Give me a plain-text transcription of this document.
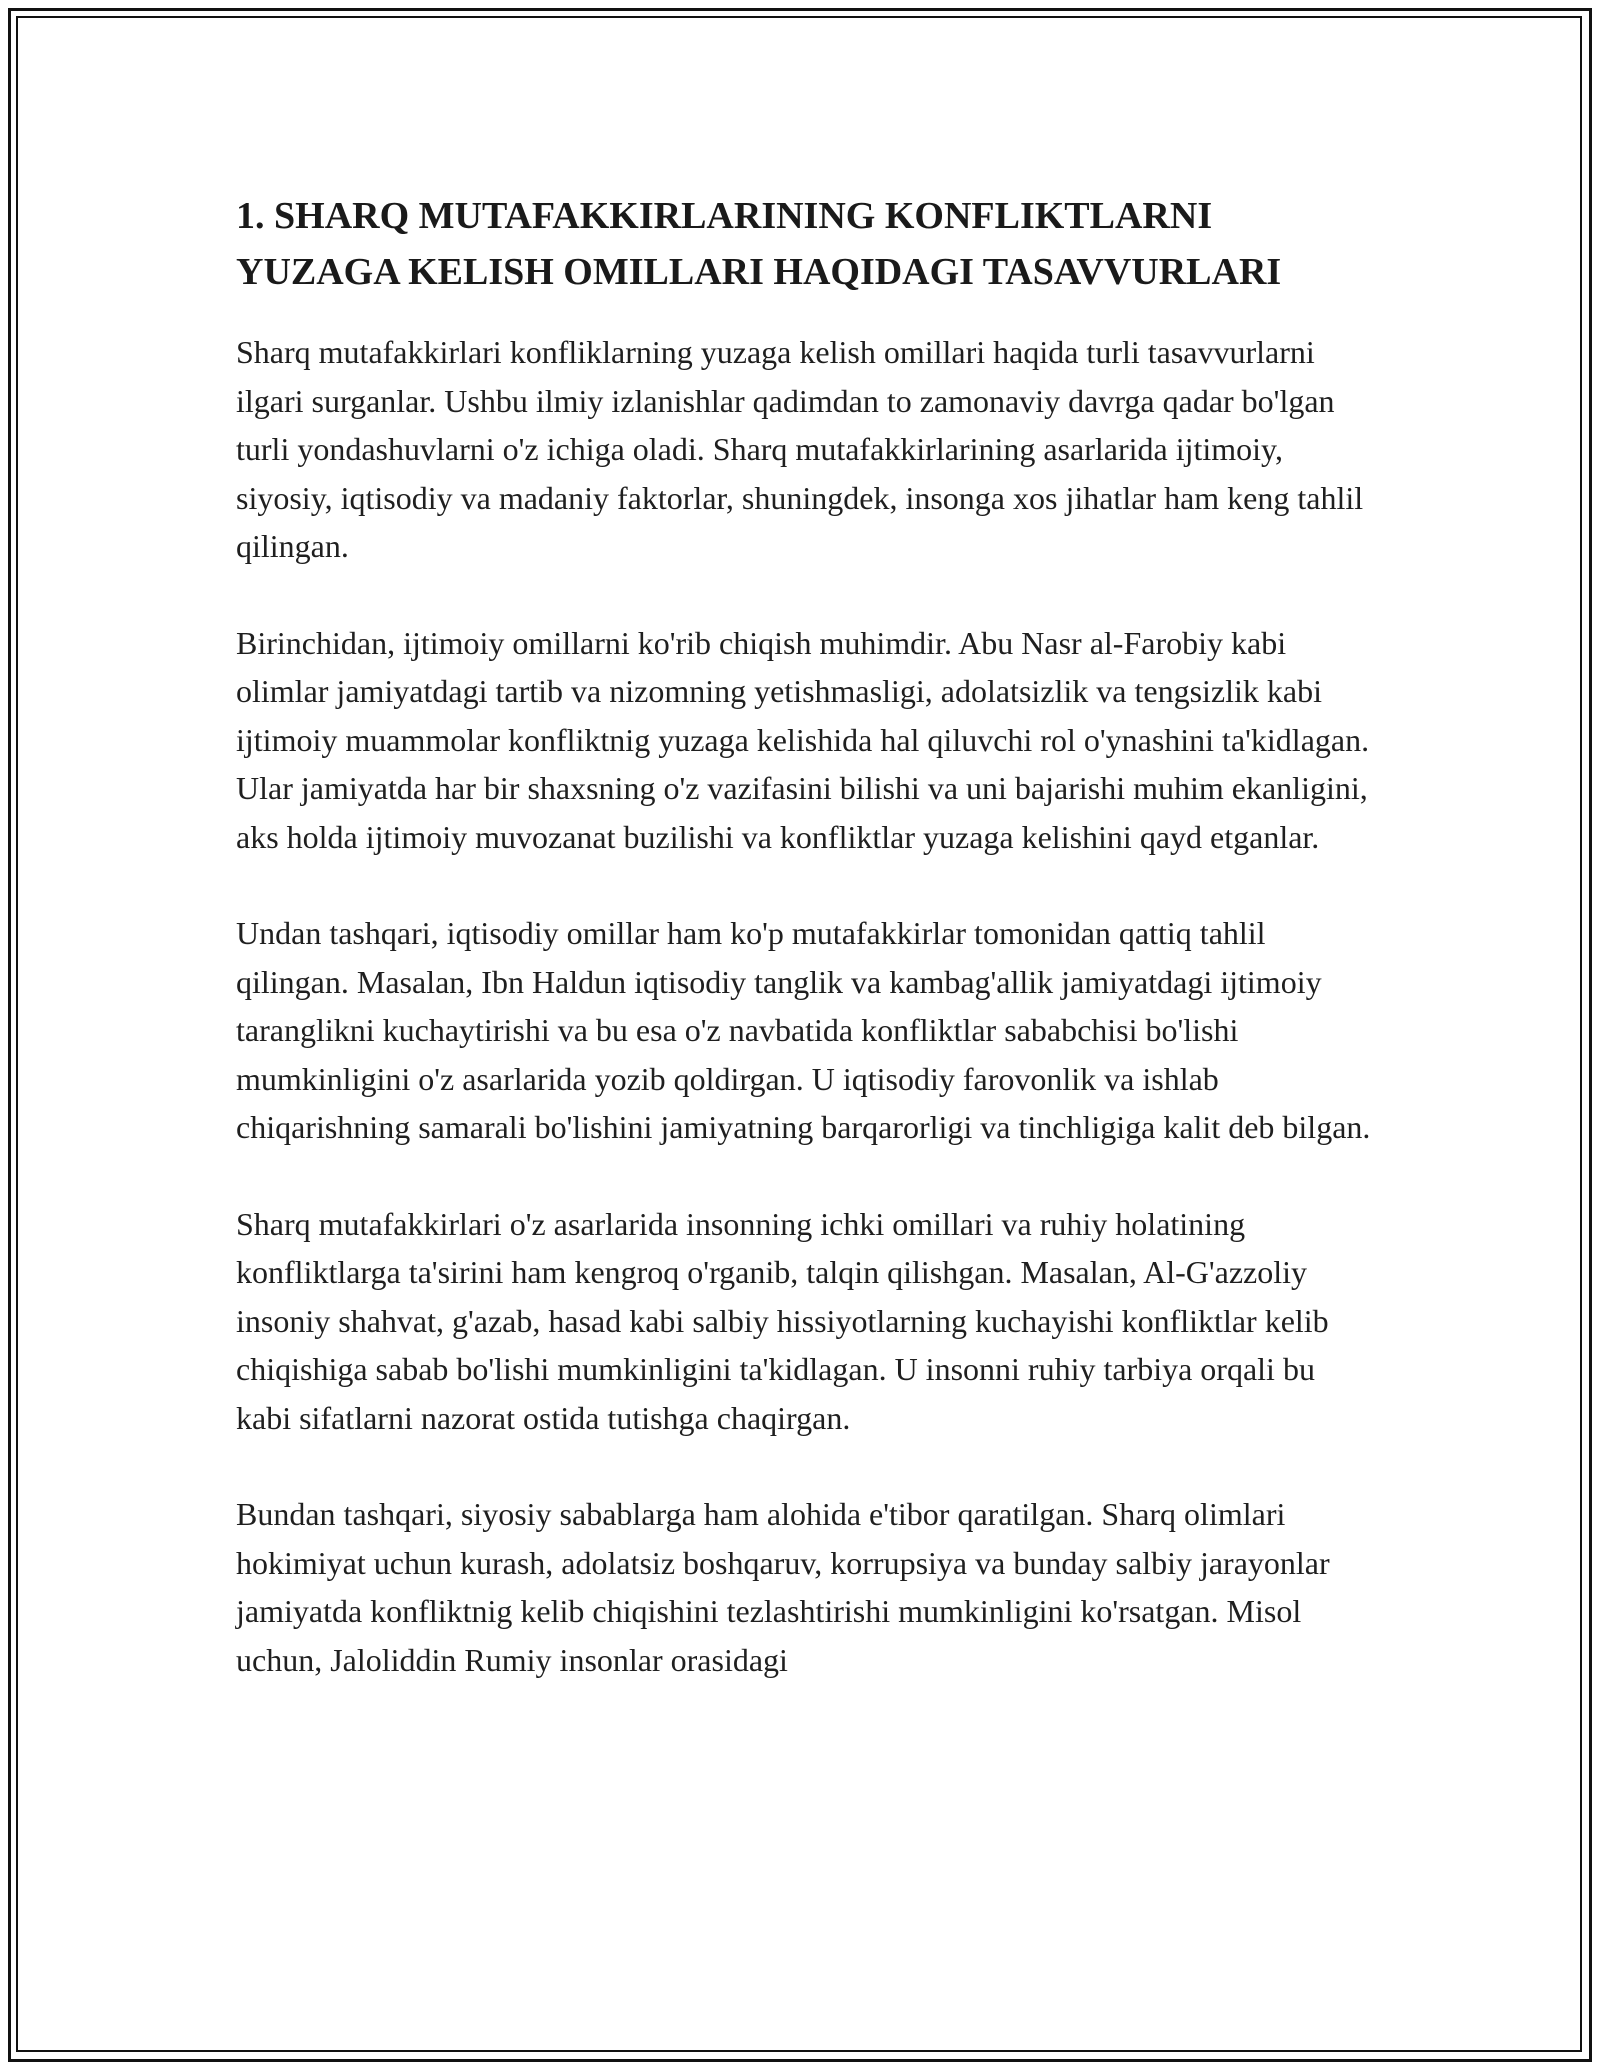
1. SHARQ MUTAFAKKIRLARINING KONFLIKTLARNI YUZAGA KELISH OMILLARI HAQIDAGI TASAVVURLARI

Sharq mutafakkirlari konfliklarning yuzaga kelish omillari haqida turli tasavvurlarni ilgari surganlar. Ushbu ilmiy izlanishlar qadimdan to zamonaviy davrga qadar bo'lgan turli yondashuvlarni o'z ichiga oladi. Sharq mutafakkirlarining asarlarida ijtimoiy, siyosiy, iqtisodiy va madaniy faktorlar, shuningdek, insonga xos jihatlar ham keng tahlil qilingan.

Birinchidan, ijtimoiy omillarni ko'rib chiqish muhimdir. Abu Nasr al-Farobiy kabi olimlar jamiyatdagi tartib va nizomning yetishmasligi, adolatsizlik va tengsizlik kabi ijtimoiy muammolar konfliktnig yuzaga kelishida hal qiluvchi rol o'ynashini ta'kidlagan. Ular jamiyatda har bir shaxsning o'z vazifasini bilishi va uni bajarishi muhim ekanligini, aks holda ijtimoiy muvozanat buzilishi va konfliktlar yuzaga kelishini qayd etganlar.

Undan tashqari, iqtisodiy omillar ham ko'p mutafakkirlar tomonidan qattiq tahlil qilingan. Masalan, Ibn Haldun iqtisodiy tanglik va kambag'allik jamiyatdagi ijtimoiy taranglikni kuchaytirishi va bu esa o'z navbatida konfliktlar sababchisi bo'lishi mumkinligini o'z asarlarida yozib qoldirgan. U iqtisodiy farovonlik va ishlab chiqarishning samarali bo'lishini jamiyatning barqarorligi va tinchligiga kalit deb bilgan.

Sharq mutafakkirlari o'z asarlarida insonning ichki omillari va ruhiy holatining konfliktlarga ta'sirini ham kengroq o'rganib, talqin qilishgan. Masalan, Al-G'azzoliy insoniy shahvat, g'azab, hasad kabi salbiy hissiyotlarning kuchayishi konfliktlar kelib chiqishiga sabab bo'lishi mumkinligini ta'kidlagan. U insonni ruhiy tarbiya orqali bu kabi sifatlarni nazorat ostida tutishga chaqirgan.

Bundan tashqari, siyosiy sabablarga ham alohida e'tibor qaratilgan. Sharq olimlari hokimiyat uchun kurash, adolatsiz boshqaruv, korrupsiya va bunday salbiy jarayonlar jamiyatda konfliktnig kelib chiqishini tezlashtirishi mumkinligini ko'rsatgan. Misol uchun, Jaloliddin Rumiy insonlar orasidagi
